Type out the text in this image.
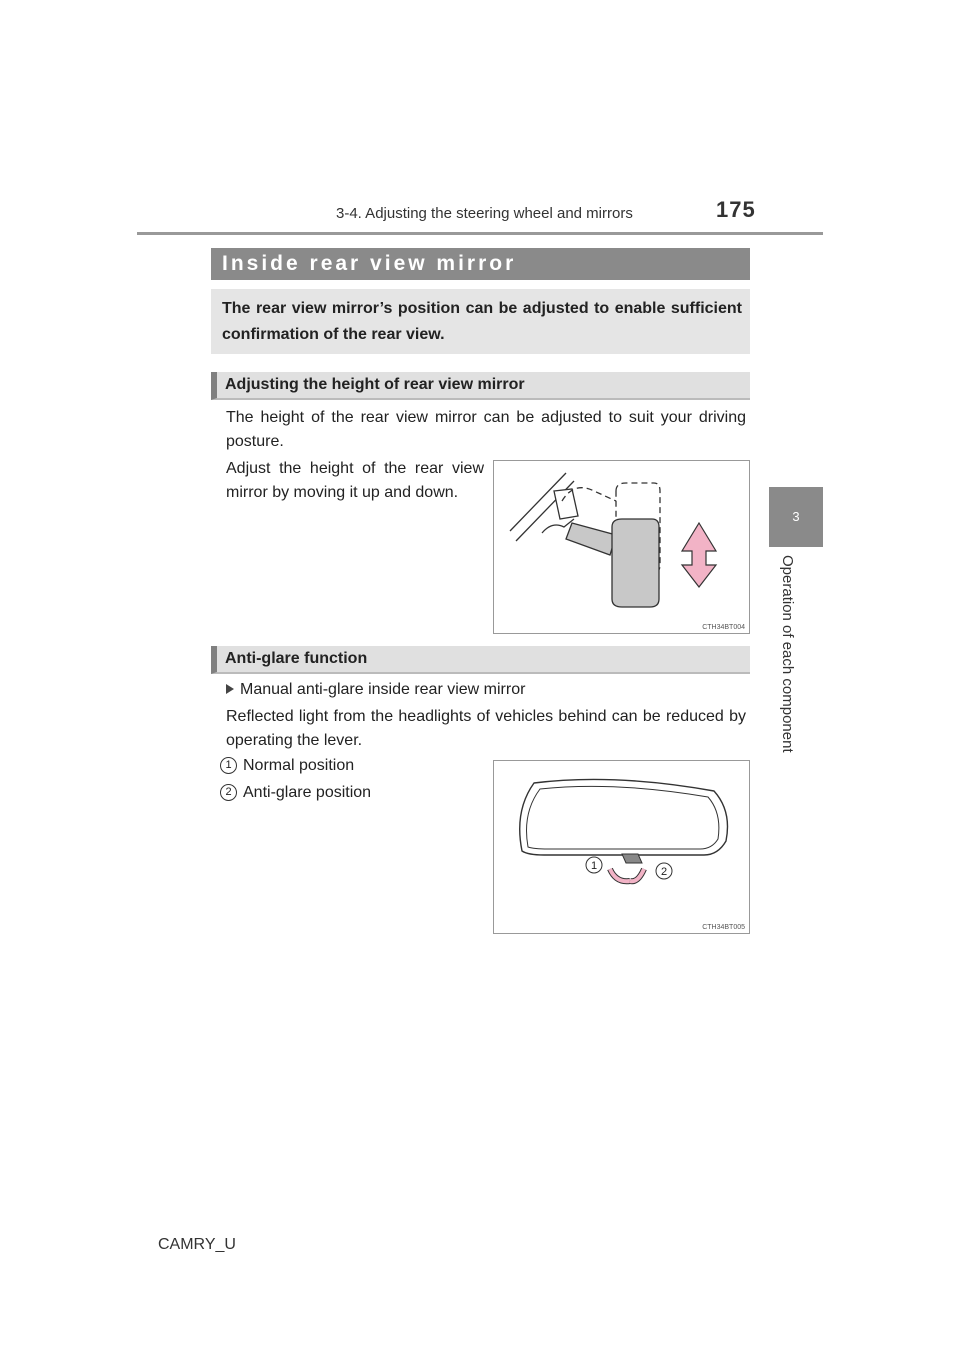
3-4. Adjusting the steering wheel and mirrors	175
3
Operation of each component
Inside rear view mirror
The rear view mirror’s position can be adjusted to enable sufficient confirmation of the rear view.
Adjusting the height of rear view mirror
The height of the rear view mirror can be adjusted to suit your driving posture.
Adjust the height of the rear view mirror by moving it up and down.
CTH34BT004
Anti-glare function
Manual anti-glare inside rear view mirror
Reflected light from the headlights of vehicles behind can be reduced by operating the lever.
1 Normal position
2 Anti-glare position
1	2
CTH34BT005
CAMRY_U
